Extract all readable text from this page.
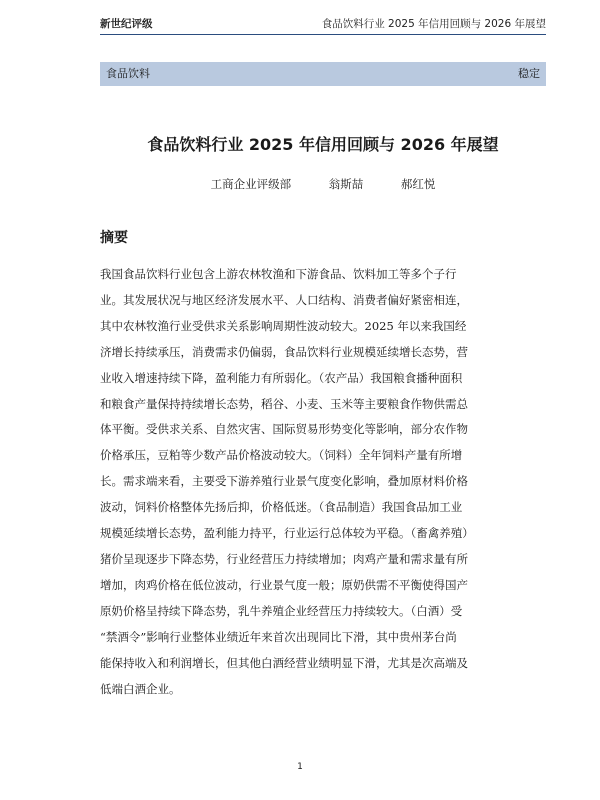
新世纪评级	食品饮料行业 2025 年信用回顾与 2026 年展望
食品饮料	稳定
食品饮料行业 2025 年信用回顾与 2026 年展望
工商企业评级部	翁斯喆	郝红悦
摘要
我国食品饮料行业包含上游农林牧渔和下游食品、饮料加工等多个子行
业。其发展状况与地区经济发展水平、人口结构、消费者偏好紧密相连，
其中农林牧渔行业受供求关系影响周期性波动较大。2025 年以来我国经
济增长持续承压，消费需求仍偏弱，食品饮料行业规模延续增长态势，营
业收入增速持续下降，盈利能力有所弱化。（农产品）我国粮食播种面积
和粮食产量保持持续增长态势，稻谷、小麦、玉米等主要粮食作物供需总
体平衡。受供求关系、自然灾害、国际贸易形势变化等影响，部分农作物
价格承压，豆粕等少数产品价格波动较大。（饲料）全年饲料产量有所增
长。需求端来看，主要受下游养殖行业景气度变化影响，叠加原材料价格
波动，饲料价格整体先扬后抑，价格低迷。（食品制造）我国食品加工业
规模延续增长态势，盈利能力持平，行业运行总体较为平稳。（畜禽养殖）
猪价呈现逐步下降态势，行业经营压力持续增加；肉鸡产量和需求量有所
增加，肉鸡价格在低位波动，行业景气度一般；原奶供需不平衡使得国产
原奶价格呈持续下降态势，乳牛养殖企业经营压力持续较大。（白酒）受
“禁酒令”影响行业整体业绩近年来首次出现同比下滑，其中贵州茅台尚
能保持收入和利润增长，但其他白酒经营业绩明显下滑，尤其是次高端及
低端白酒企业。
1
